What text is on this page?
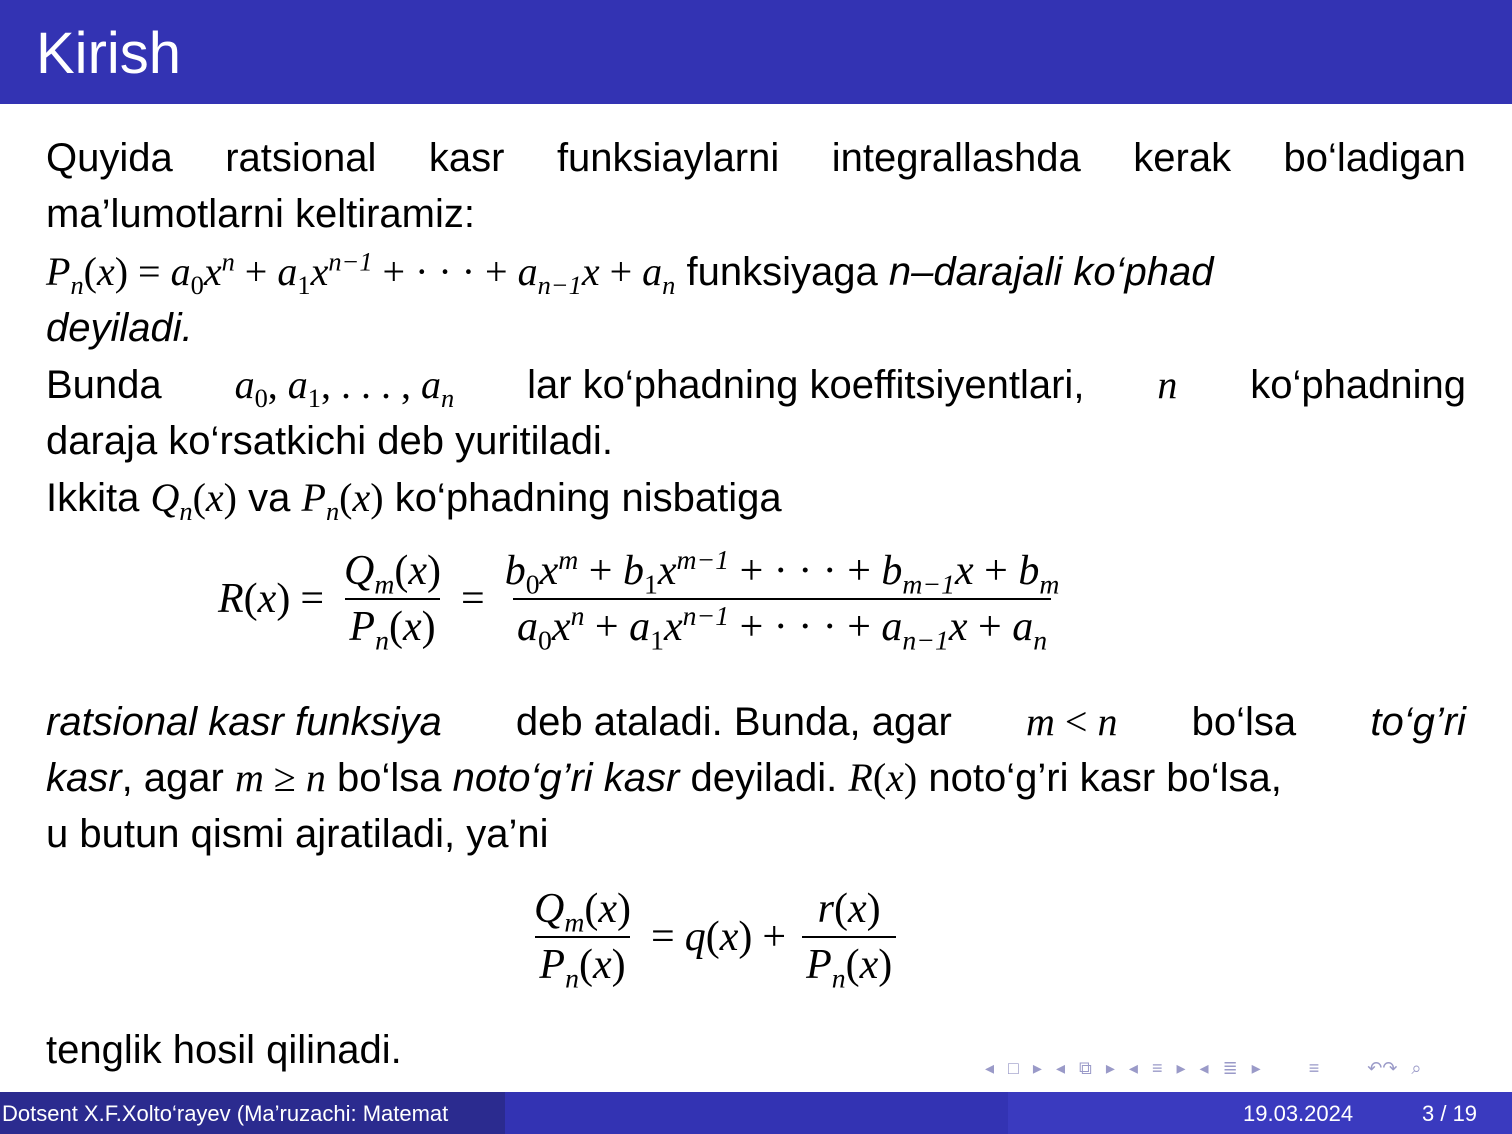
Kirish
Quyida ratsional kasr funksiaylarni integrallashda kerak bo‘ladigan
ma’lumotlarni keltiramiz:
$P_n(x) = a_0x^n + a_1x^{n-1}$ + · · · + $a_{n-1}x + a_n$ funksiyaga n–darajali ko‘phad
deyiladi.
Bunda $a_0$, $a_1$, . . . , $a_n$ lar ko‘phadning koeffitsiyentlari, n ko‘phadning
daraja ko‘rsatkichi deb yuritiladi.
Ikkita $Q_n(x)$ va $P_n(x)$ ko‘phadning nisbatiga
$R(x) = \frac{Q_m(x)}{P_n(x)} = \frac{b_0x^m + b_1x^{m-1} + \cdot \cdot \cdot + b_{m-1}x + b_m}{a_0x^n + a_1x^{n-1} + \cdot \cdot \cdot + a_{n-1}x + a_n}$
ratsional kasr funksiya deb ataladi. Bunda, agar m < n bo‘lsa to‘g’ri
kasr, agar m ≥ n bo‘lsa noto‘g’ri kasr deyiladi. R(x) noto‘g’ri kasr bo‘lsa,
u butun qismi ajratiladi, ya’ni
$\frac{Q_m(x)}{P_n(x)} = q(x) + \frac{r(x)}{P_n(x)}$
tenglik hosil qilinadi.	◂ □ ▸ ◂ ⧉ ▸ ◂ ≡ ▸ ◂ ≣ ▸	≡	↶↷ ⌕
Dotsent X.F.Xolto‘rayev (Ma’ruzachi: Matemat	19.03.2024	3 / 19
